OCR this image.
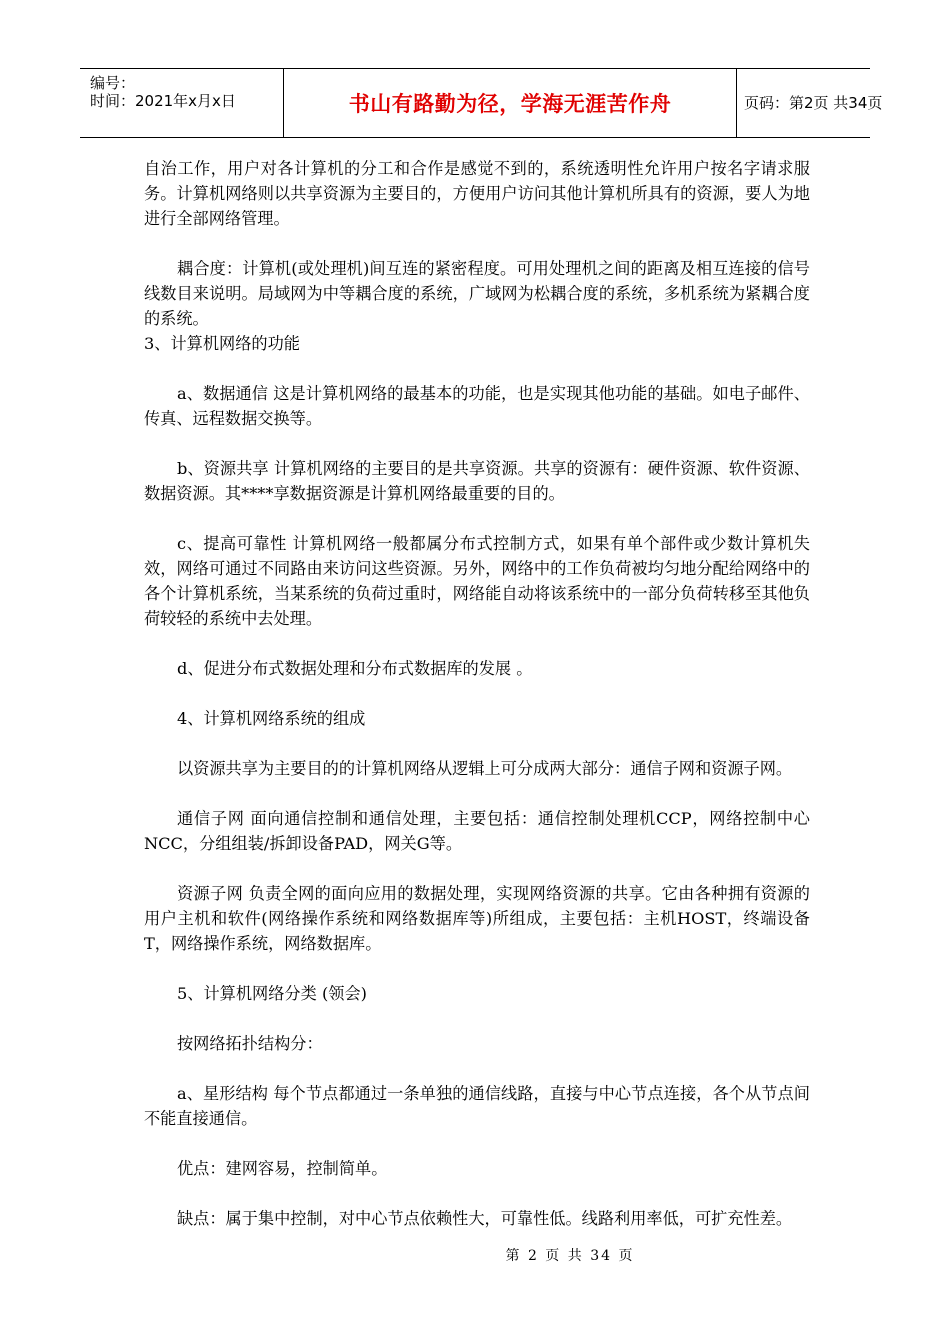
编号：
时间：2021年x月x日	书山有路勤为径，学海无涯苦作舟	页码：第2页 共34页

自治工作，用户对各计算机的分工和合作是感觉不到的，系统透明性允许用户按名字请求服务。计算机网络则以共享资源为主要目的，方便用户访问其他计算机所具有的资源，要人为地进行全部网络管理。

耦合度：计算机(或处理机)间互连的紧密程度。可用处理机之间的距离及相互连接的信号线数目来说明。局域网为中等耦合度的系统，广域网为松耦合度的系统，多机系统为紧耦合度的系统。

3、计算机网络的功能

a、数据通信 这是计算机网络的最基本的功能，也是实现其他功能的基础。如电子邮件、传真、远程数据交换等。

b、资源共享 计算机网络的主要目的是共享资源。共享的资源有：硬件资源、软件资源、数据资源。其****享数据资源是计算机网络最重要的目的。

c、提高可靠性 计算机网络一般都属分布式控制方式，如果有单个部件或少数计算机失效，网络可通过不同路由来访问这些资源。另外，网络中的工作负荷被均匀地分配给网络中的各个计算机系统，当某系统的负荷过重时，网络能自动将该系统中的一部分负荷转移至其他负荷较轻的系统中去处理。

d、促进分布式数据处理和分布式数据库的发展 。

4、计算机网络系统的组成

以资源共享为主要目的的计算机网络从逻辑上可分成两大部分：通信子网和资源子网。

通信子网 面向通信控制和通信处理，主要包括：通信控制处理机CCP，网络控制中心NCC，分组组装/拆卸设备PAD，网关G等。

资源子网 负责全网的面向应用的数据处理，实现网络资源的共享。它由各种拥有资源的用户主机和软件(网络操作系统和网络数据库等)所组成，主要包括：主机HOST，终端设备T，网络操作系统，网络数据库。

5、计算机网络分类 (领会)

按网络拓扑结构分：

a、星形结构 每个节点都通过一条单独的通信线路，直接与中心节点连接，各个从节点间不能直接通信。

优点：建网容易，控制简单。

缺点：属于集中控制，对中心节点依赖性大，可靠性低。线路利用率低，可扩充性差。

第 2 页 共 34 页
